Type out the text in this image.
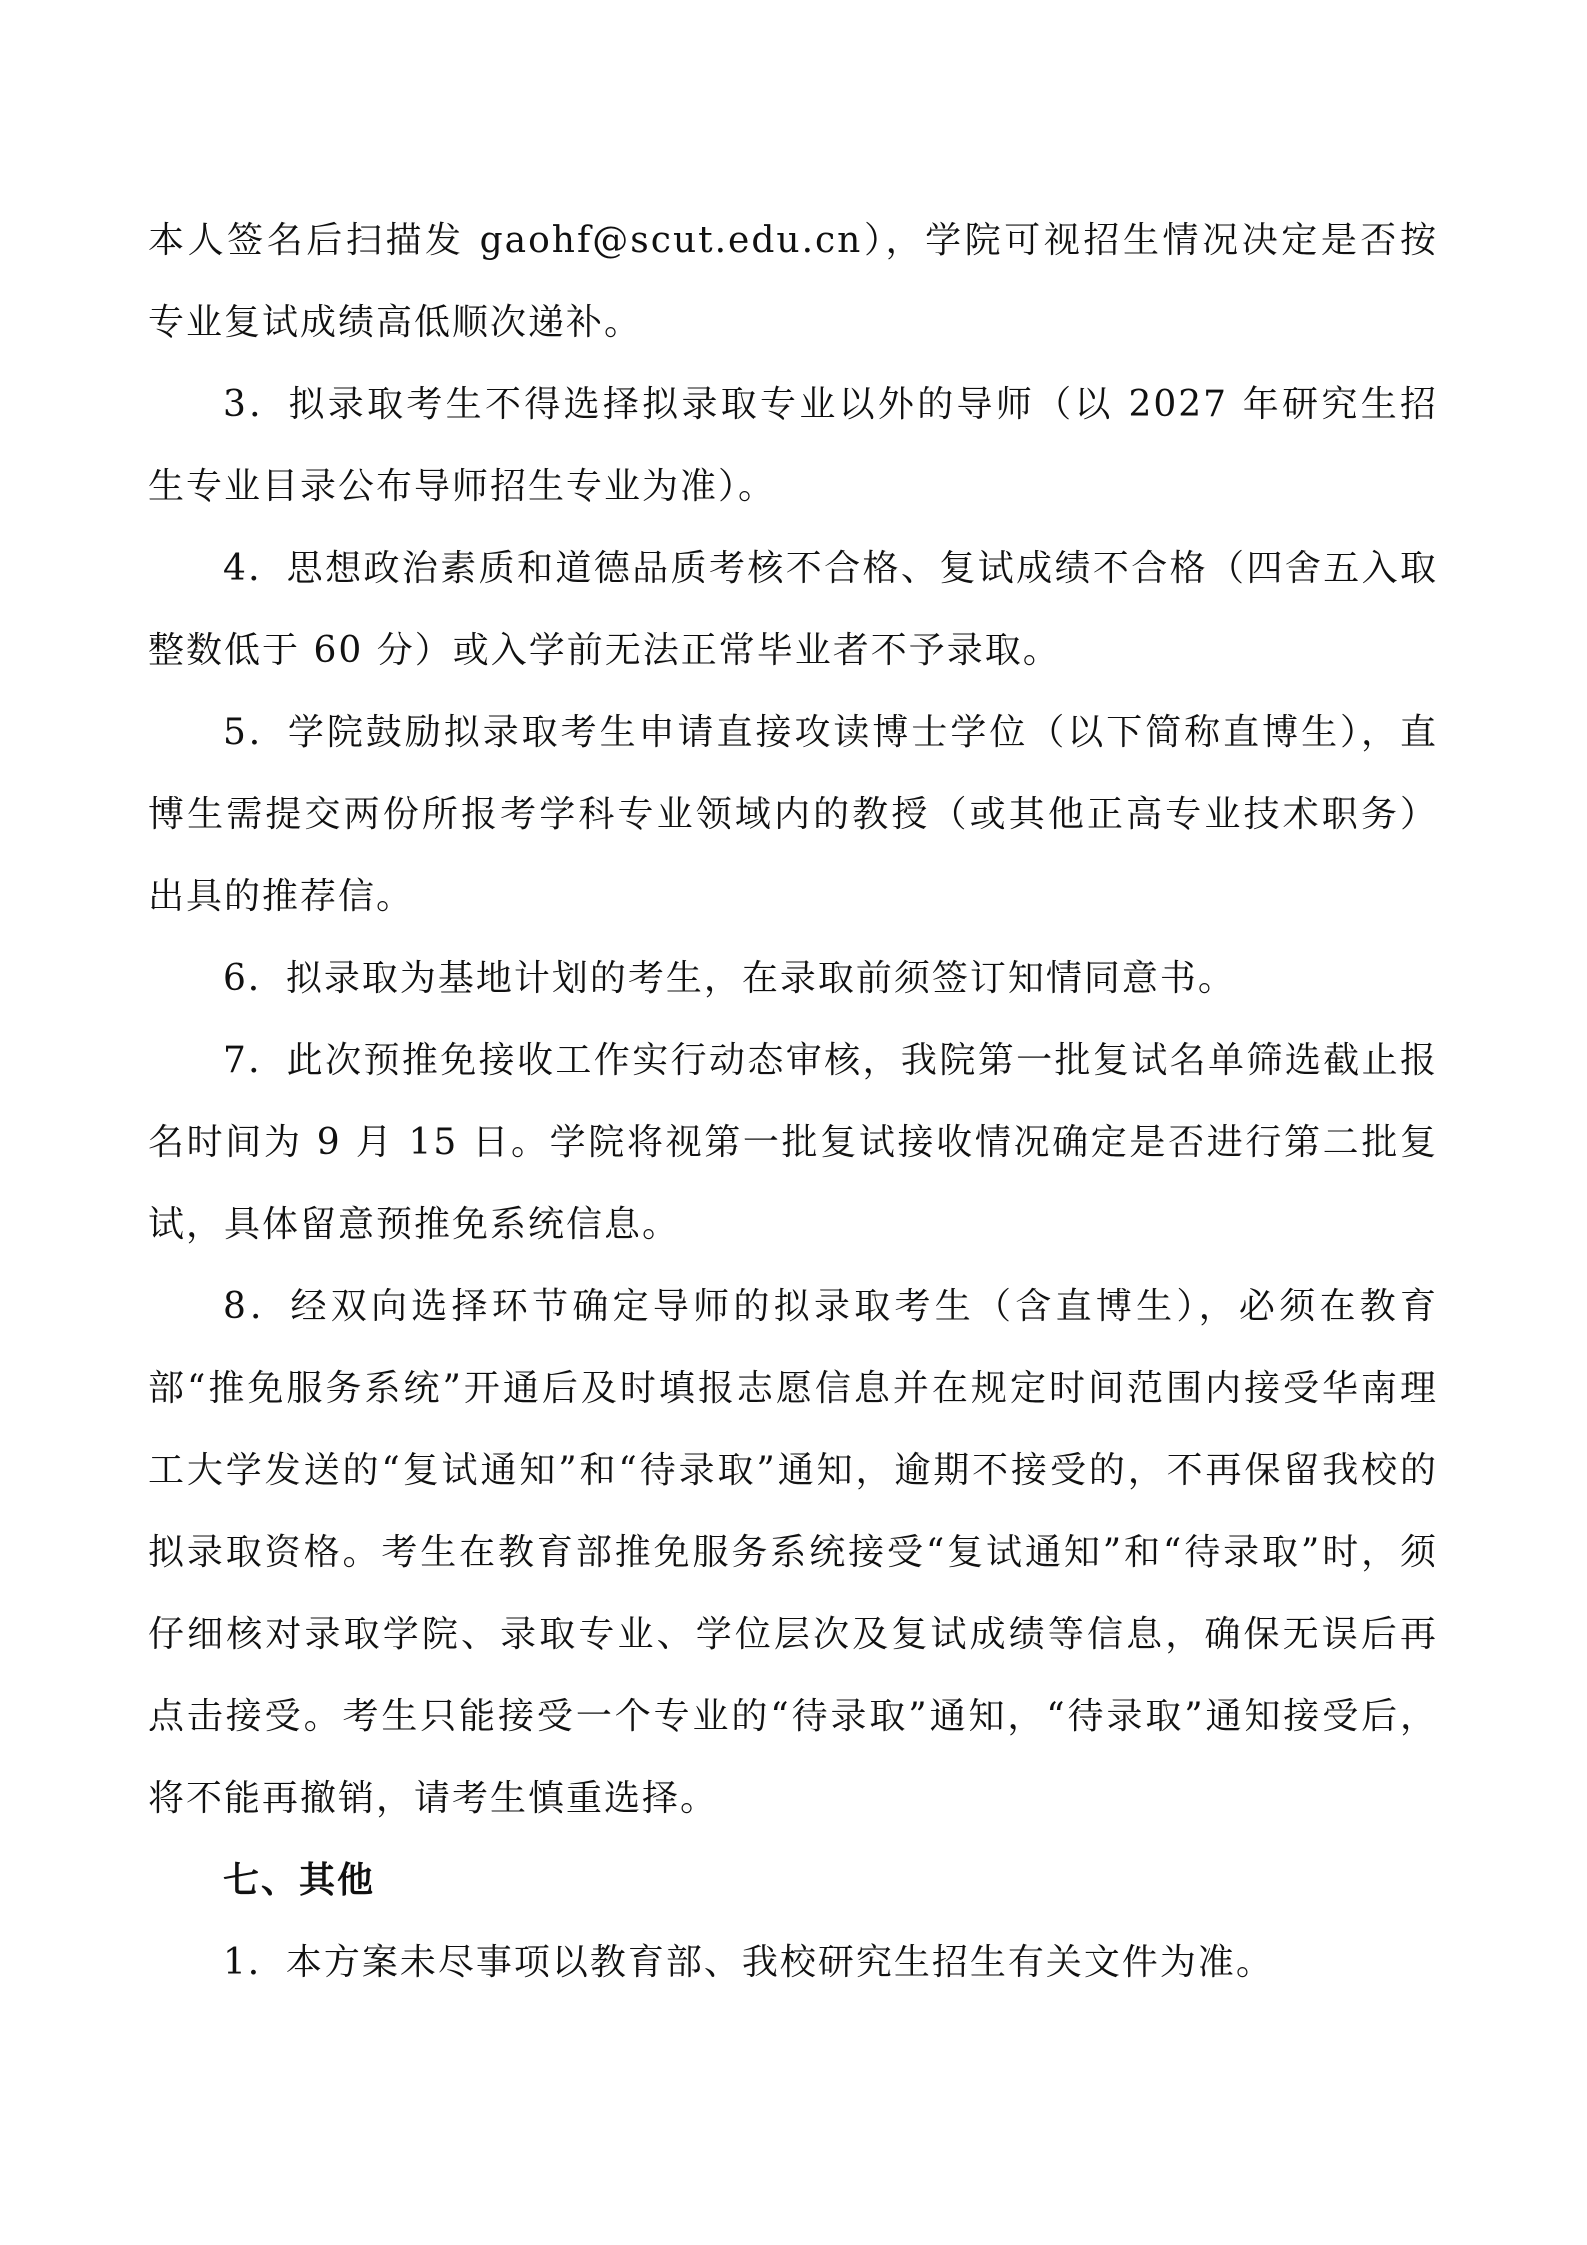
本人签名后扫描发 gaohf@scut.edu.cn），学院可视招生情况决定是否按专业复试成绩高低顺次递补。

3．拟录取考生不得选择拟录取专业以外的导师（以 2027 年研究生招生专业目录公布导师招生专业为准）。

4．思想政治素质和道德品质考核不合格、复试成绩不合格（四舍五入取整数低于 60 分）或入学前无法正常毕业者不予录取。

5．学院鼓励拟录取考生申请直接攻读博士学位（以下简称直博生），直博生需提交两份所报考学科专业领域内的教授（或其他正高专业技术职务）出具的推荐信。

6．拟录取为基地计划的考生，在录取前须签订知情同意书。

7．此次预推免接收工作实行动态审核，我院第一批复试名单筛选截止报名时间为 9 月 15 日。学院将视第一批复试接收情况确定是否进行第二批复试，具体留意预推免系统信息。

8．经双向选择环节确定导师的拟录取考生（含直博生），必须在教育部“推免服务系统”开通后及时填报志愿信息并在规定时间范围内接受华南理工大学发送的“复试通知”和“待录取”通知，逾期不接受的，不再保留我校的拟录取资格。考生在教育部推免服务系统接受“复试通知”和“待录取”时，须仔细核对录取学院、录取专业、学位层次及复试成绩等信息，确保无误后再点击接受。考生只能接受一个专业的“待录取”通知，“待录取”通知接受后，将不能再撤销，请考生慎重选择。

七、其他

1．本方案未尽事项以教育部、我校研究生招生有关文件为准。
